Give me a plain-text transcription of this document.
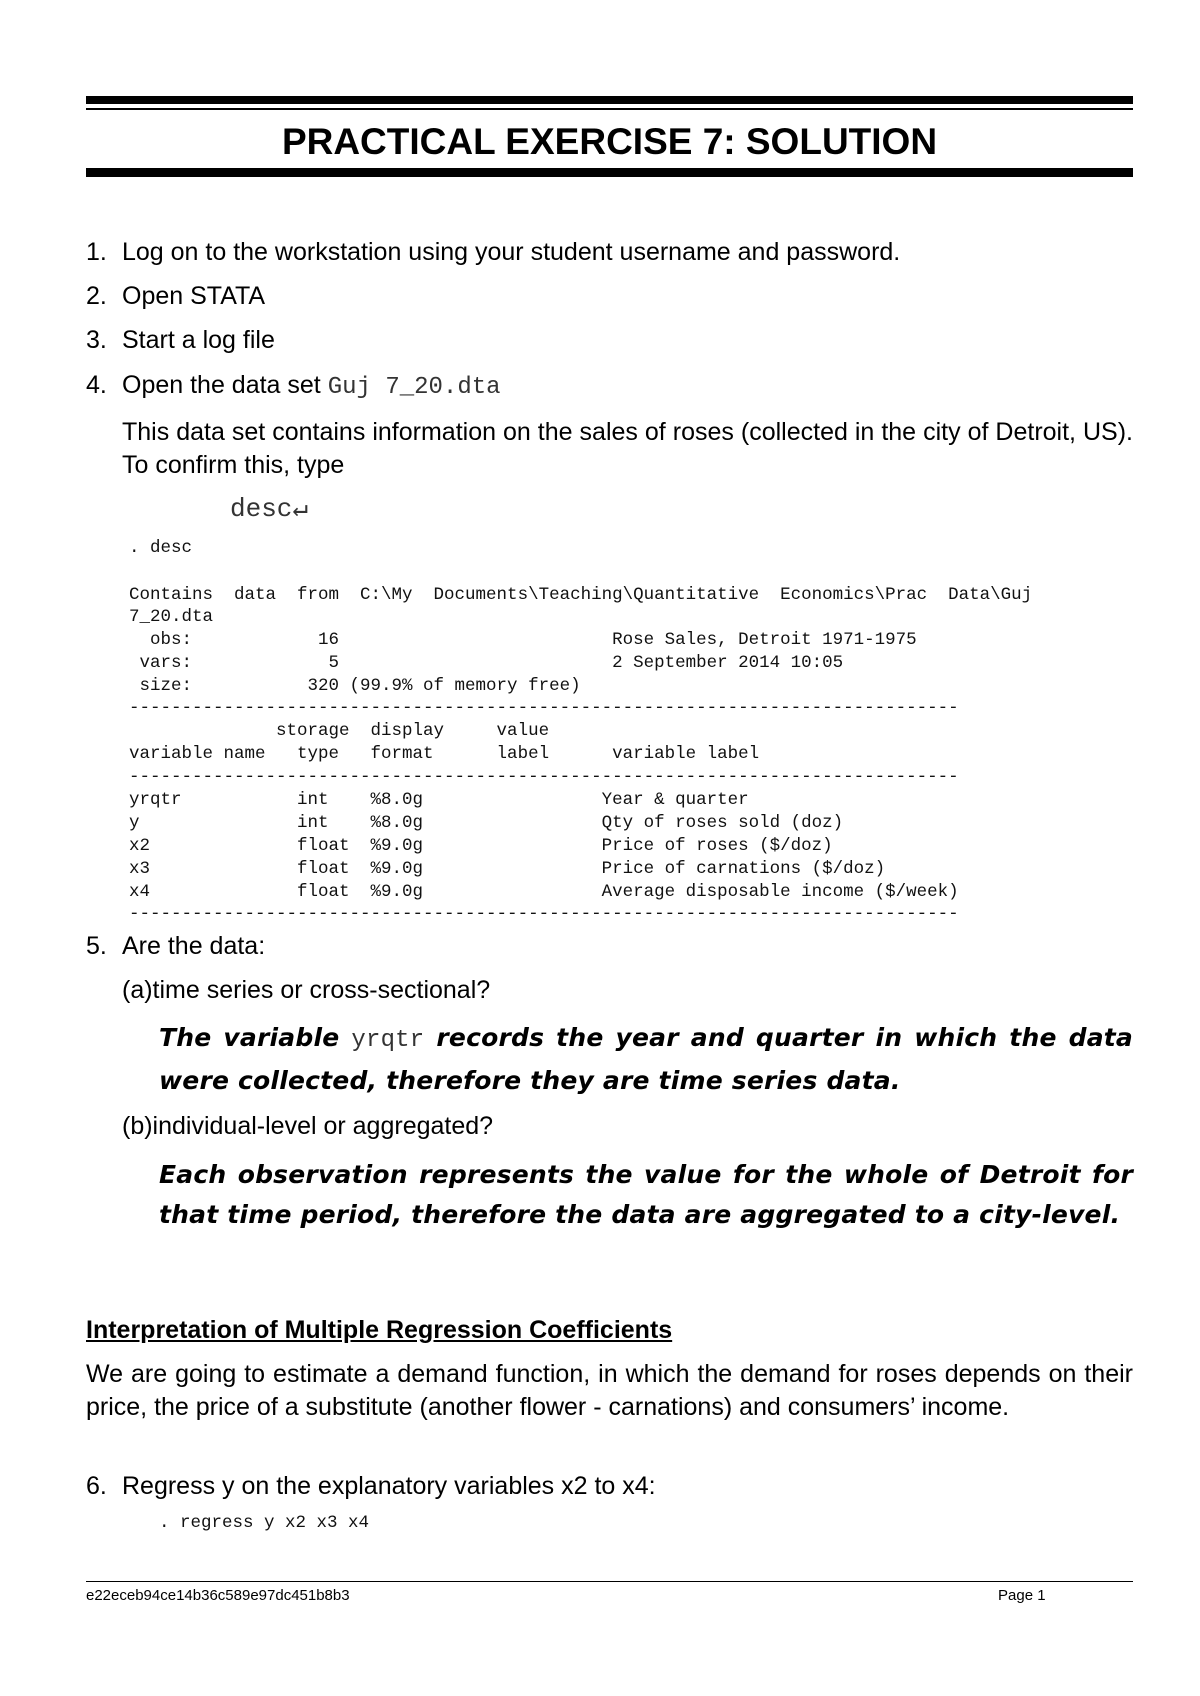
PRACTICAL EXERCISE 7: SOLUTION
1. Log on to the workstation using your student username and password.
2. Open STATA
3. Start a log file
4. Open the data set Guj 7_20.dta
This data set contains information on the sales of roses (collected in the city of Detroit, US). To confirm this, type
desc↵
. desc
Contains  data  from  C:\My  Documents\Teaching\Quantitative  Economics\Prac  Data\Guj
7_20.dta
obs:            16                          Rose Sales, Detroit 1971-1975
vars:             5                          2 September 2014 10:05
size:           320 (99.9% of memory free)
-------------------------------------------------------------------------------
storage  display     value
variable name   type   format      label      variable label
-------------------------------------------------------------------------------
yrqtr           int    %8.0g                 Year & quarter
y               int    %8.0g                 Qty of roses sold (doz)
x2              float  %9.0g                 Price of roses ($/doz)
x3              float  %9.0g                 Price of carnations ($/doz)
x4              float  %9.0g                 Average disposable income ($/week)
-------------------------------------------------------------------------------
5. Are the data:
(a)time series or cross-sectional?
The variable yrqtr records the year and quarter in which the data were collected, therefore they are time series data.
(b)individual-level or aggregated?
Each observation represents the value for the whole of Detroit for that time period, therefore the data are aggregated to a city-level.
Interpretation of Multiple Regression Coefficients
We are going to estimate a demand function, in which the demand for roses depends on their price, the price of a substitute (another flower - carnations) and consumers’ income.
6. Regress y on the explanatory variables x2 to x4:
. regress y x2 x3 x4
e22eceb94ce14b36c589e97dc451b8b3	Page 1
